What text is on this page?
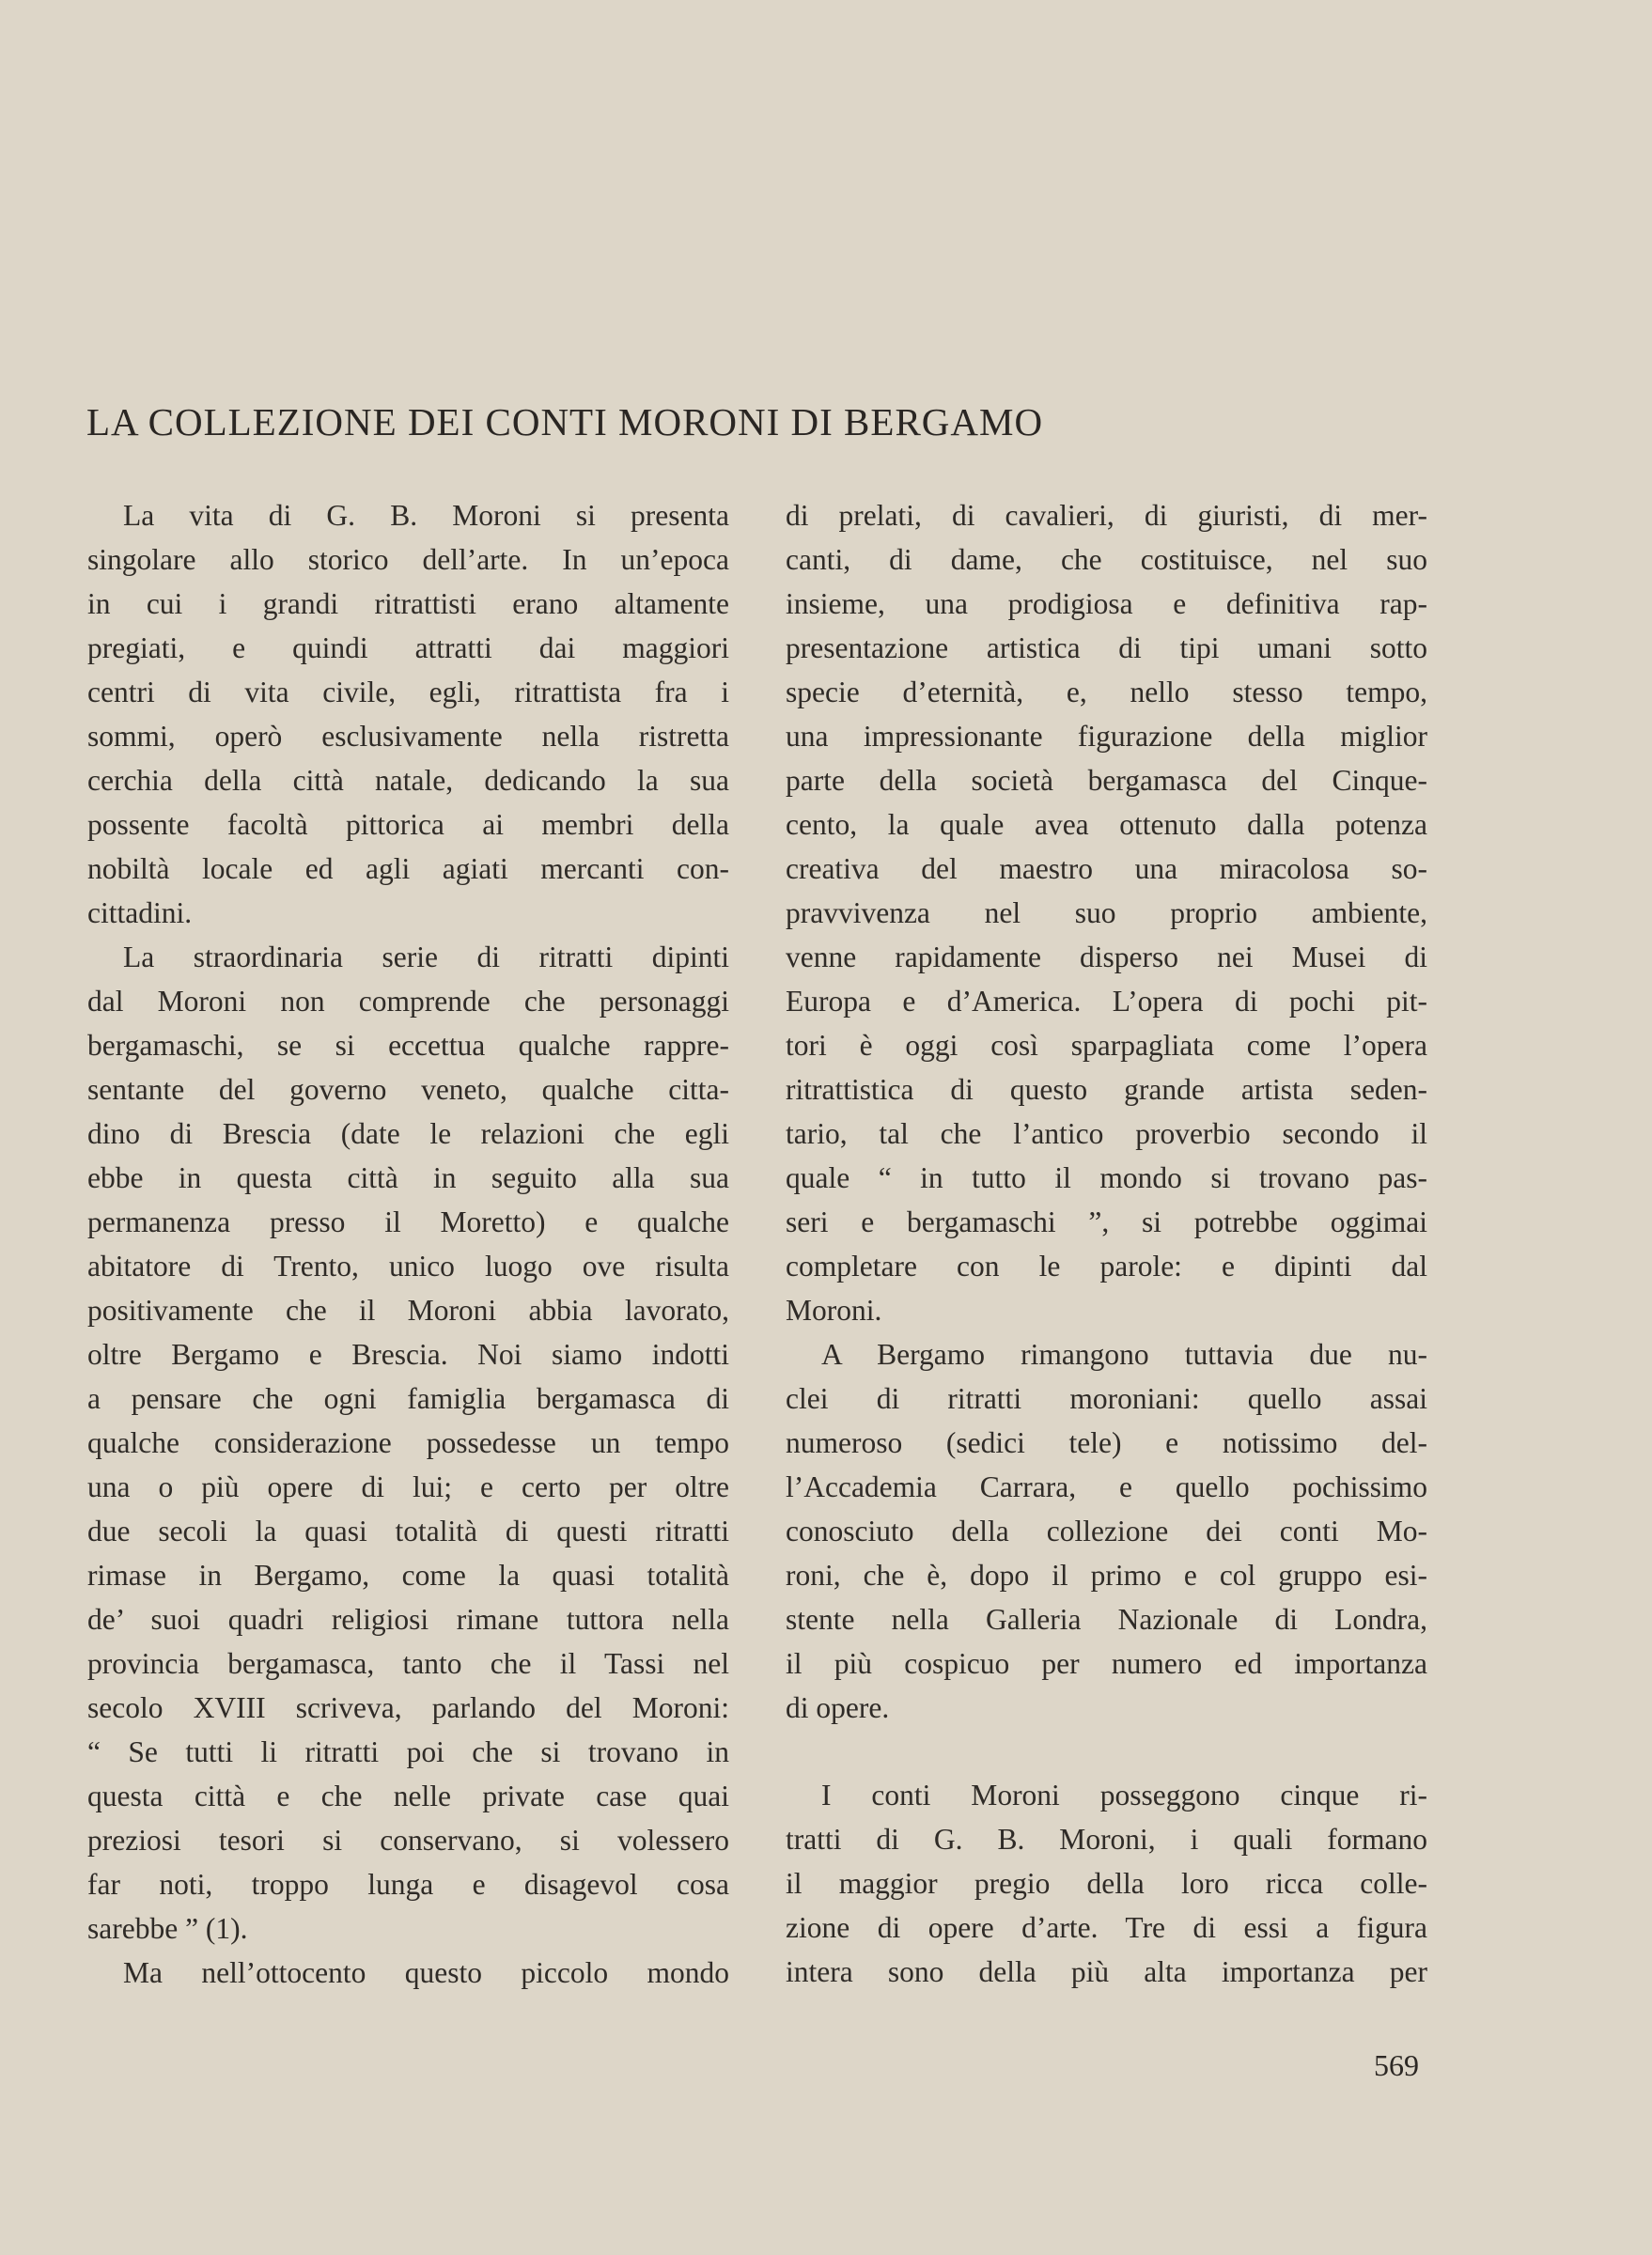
LA COLLEZIONE DEI CONTI MORONI DI BERGAMO
La vita di G. B. Moroni si presenta
singolare allo storico dell’arte. In un’epoca
in cui i grandi ritrattisti erano altamente
pregiati, e quindi attratti dai maggiori
centri di vita civile, egli, ritrattista fra i
sommi, operò esclusivamente nella ristretta
cerchia della città natale, dedicando la sua
possente facoltà pittorica ai membri della
nobiltà locale ed agli agiati mercanti con-
cittadini.
La straordinaria serie di ritratti dipinti
dal Moroni non comprende che personaggi
bergamaschi, se si eccettua qualche rappre-
sentante del governo veneto, qualche citta-
dino di Brescia (date le relazioni che egli
ebbe in questa città in seguito alla sua
permanenza presso il Moretto) e qualche
abitatore di Trento, unico luogo ove risulta
positivamente che il Moroni abbia lavorato,
oltre Bergamo e Brescia. Noi siamo indotti
a pensare che ogni famiglia bergamasca di
qualche considerazione possedesse un tempo
una o più opere di lui; e certo per oltre
due secoli la quasi totalità di questi ritratti
rimase in Bergamo, come la quasi totalità
de’ suoi quadri religiosi rimane tuttora nella
provincia bergamasca, tanto che il Tassi nel
secolo XVIII scriveva, parlando del Moroni:
“ Se tutti li ritratti poi che si trovano in
questa città e che nelle private case quai
preziosi tesori si conservano, si volessero
far noti, troppo lunga e disagevol cosa
sarebbe ” (1).
Ma nell’ottocento questo piccolo mondo
di prelati, di cavalieri, di giuristi, di mer-
canti, di dame, che costituisce, nel suo
insieme, una prodigiosa e definitiva rap-
presentazione artistica di tipi umani sotto
specie d’eternità, e, nello stesso tempo,
una impressionante figurazione della miglior
parte della società bergamasca del Cinque-
cento, la quale avea ottenuto dalla potenza
creativa del maestro una miracolosa so-
pravvivenza nel suo proprio ambiente,
venne rapidamente disperso nei Musei di
Europa e d’America. L’opera di pochi pit-
tori è oggi così sparpagliata come l’opera
ritrattistica di questo grande artista seden-
tario, tal che l’antico proverbio secondo il
quale “ in tutto il mondo si trovano pas-
seri e bergamaschi ”, si potrebbe oggimai
completare con le parole: e dipinti dal
Moroni.
A Bergamo rimangono tuttavia due nu-
clei di ritratti moroniani: quello assai
numeroso (sedici tele) e notissimo del-
l’Accademia Carrara, e quello pochissimo
conosciuto della collezione dei conti Mo-
roni, che è, dopo il primo e col gruppo esi-
stente nella Galleria Nazionale di Londra,
il più cospicuo per numero ed importanza
di opere.
I conti Moroni posseggono cinque ri-
tratti di G. B. Moroni, i quali formano
il maggior pregio della loro ricca colle-
zione di opere d’arte. Tre di essi a figura
intera sono della più alta importanza per
569
